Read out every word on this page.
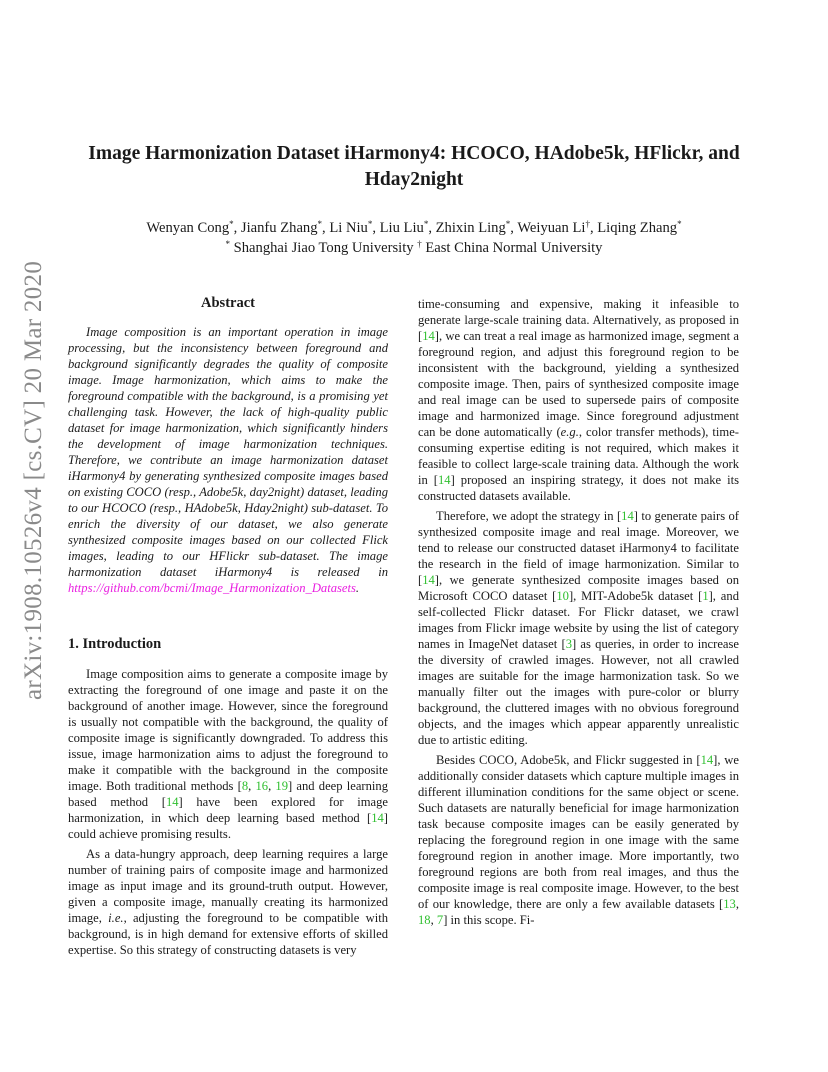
arXiv:1908.10526v4 [cs.CV] 20 Mar 2020
Image Harmonization Dataset iHarmony4: HCOCO, HAdobe5k, HFlickr, and Hday2night
Wenyan Cong*, Jianfu Zhang*, Li Niu*, Liu Liu*, Zhixin Ling*, Weiyuan Li†, Liqing Zhang*
* Shanghai Jiao Tong University † East China Normal University
Abstract

Image composition is an important operation in image processing, but the inconsistency between foreground and background significantly degrades the quality of composite image. Image harmonization, which aims to make the foreground compatible with the background, is a promising yet challenging task. However, the lack of high-quality public dataset for image harmonization, which significantly hinders the development of image harmonization techniques. Therefore, we contribute an image harmonization dataset iHarmony4 by generating synthesized composite images based on existing COCO (resp., Adobe5k, day2night) dataset, leading to our HCOCO (resp., HAdobe5k, Hday2night) sub-dataset. To enrich the diversity of our dataset, we also generate synthesized composite images based on our collected Flick images, leading to our HFlickr sub-dataset. The image harmonization dataset iHarmony4 is released in https://github.com/bcmi/Image_Harmonization_Datasets.

1. Introduction

Image composition aims to generate a composite image by extracting the foreground of one image and paste it on the background of another image. However, since the foreground is usually not compatible with the background, the quality of composite image is significantly downgraded. To address this issue, image harmonization aims to adjust the foreground to make it compatible with the background in the composite image. Both traditional methods [8, 16, 19] and deep learning based method [14] have been explored for image harmonization, in which deep learning based method [14] could achieve promising results.

As a data-hungry approach, deep learning requires a large number of training pairs of composite image and harmonized image as input image and its ground-truth output. However, given a composite image, manually creating its harmonized image, i.e., adjusting the foreground to be compatible with background, is in high demand for extensive efforts of skilled expertise. So this strategy of constructing datasets is very

time-consuming and expensive, making it infeasible to generate large-scale training data. Alternatively, as proposed in [14], we can treat a real image as harmonized image, segment a foreground region, and adjust this foreground region to be inconsistent with the background, yielding a synthesized composite image. Then, pairs of synthesized composite image and real image can be used to supersede pairs of composite image and harmonized image. Since foreground adjustment can be done automatically (e.g., color transfer methods), time-consuming expertise editing is not required, which makes it feasible to collect large-scale training data. Although the work in [14] proposed an inspiring strategy, it does not make its constructed datasets available.

Therefore, we adopt the strategy in [14] to generate pairs of synthesized composite image and real image. Moreover, we tend to release our constructed dataset iHarmony4 to facilitate the research in the field of image harmonization. Similar to [14], we generate synthesized composite images based on Microsoft COCO dataset [10], MIT-Adobe5k dataset [1], and self-collected Flickr dataset. For Flickr dataset, we crawl images from Flickr image website by using the list of category names in ImageNet dataset [3] as queries, in order to increase the diversity of crawled images. However, not all crawled images are suitable for the image harmonization task. So we manually filter out the images with pure-color or blurry background, the cluttered images with no obvious foreground objects, and the images which appear apparently unrealistic due to artistic editing.

Besides COCO, Adobe5k, and Flickr suggested in [14], we additionally consider datasets which capture multiple images in different illumination conditions for the same object or scene. Such datasets are naturally beneficial for image harmonization task because composite images can be easily generated by replacing the foreground region in one image with the same foreground region in another image. More importantly, two foreground regions are both from real images, and thus the composite image is real composite image. However, to the best of our knowledge, there are only a few available datasets [13, 18, 7] in this scope. Fi-
